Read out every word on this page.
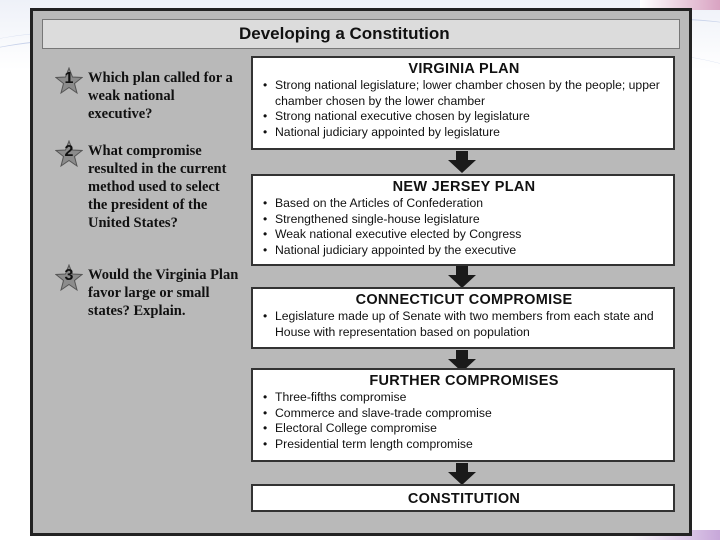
Developing a Constitution
1	Which plan called for a weak national executive?
2	What compromise resulted in the current method used to select the president of the United States?
3	Would the Virginia Plan favor large or small states? Explain.
VIRGINIA PLAN
• Strong national legislature; lower chamber chosen by the people; upper chamber chosen by the lower chamber
• Strong national executive chosen by legislature
• National judiciary appointed by legislature
NEW JERSEY PLAN
• Based on the Articles of Confederation
• Strengthened single-house legislature
• Weak national executive elected by Congress
• National judiciary appointed by the executive
CONNECTICUT COMPROMISE
• Legislature made up of Senate with two members from each state and House with representation based on population
FURTHER COMPROMISES
• Three-fifths compromise
• Commerce and slave-trade compromise
• Electoral College compromise
• Presidential term length compromise
CONSTITUTION
